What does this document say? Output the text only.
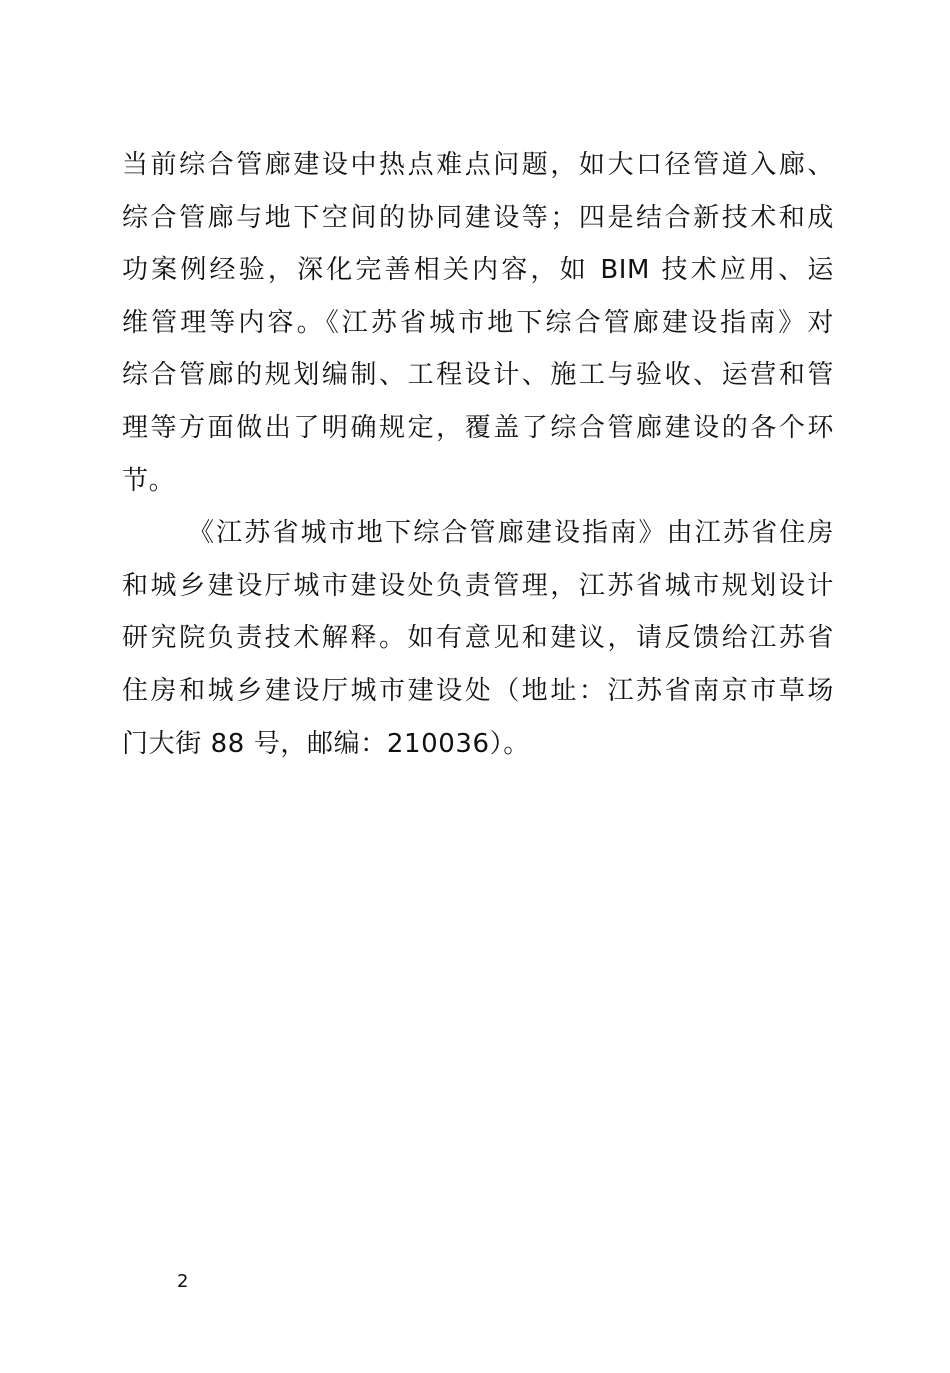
当前综合管廊建设中热点难点问题，如大口径管道入廊、
综合管廊与地下空间的协同建设等；四是结合新技术和成
功案例经验，深化完善相关内容，如 BIM 技术应用、运
维管理等内容。《江苏省城市地下综合管廊建设指南》对
综合管廊的规划编制、工程设计、施工与验收、运营和管
理等方面做出了明确规定，覆盖了综合管廊建设的各个环
节。
《江苏省城市地下综合管廊建设指南》由江苏省住房
和城乡建设厅城市建设处负责管理，江苏省城市规划设计
研究院负责技术解释。如有意见和建议，请反馈给江苏省
住房和城乡建设厅城市建设处（地址：江苏省南京市草场
门大街 88 号，邮编：210036）。
2
